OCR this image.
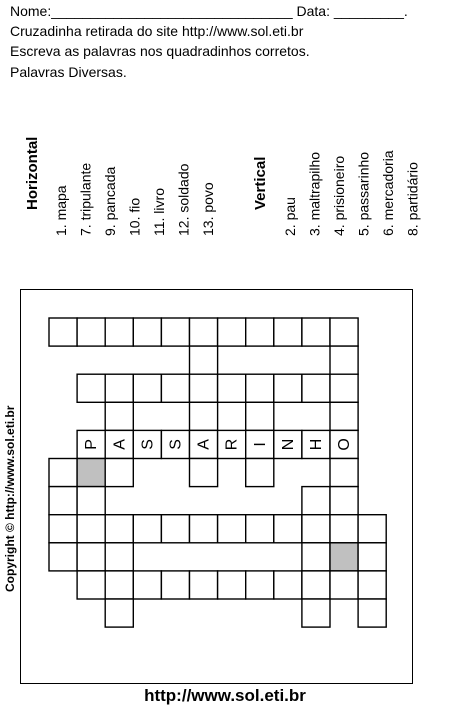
Nome:_______________________________ Data: _________.
Cruzadinha retirada do site http://www.sol.eti.br
Escreva as palavras nos quadradinhos corretos.
Palavras Diversas.
Horizontal
1. mapa 7. tripulante 9. pancada 10. fio 11. livro 12. soldado 13. povo Vertical
2. pau 3. maltrapilho 4. prisioneiro 5. passarinho 6. mercadoria 8. partidário
Copyright © http://www.sol.eti.br	P A S S A R I N H O
http://www.sol.eti.br
